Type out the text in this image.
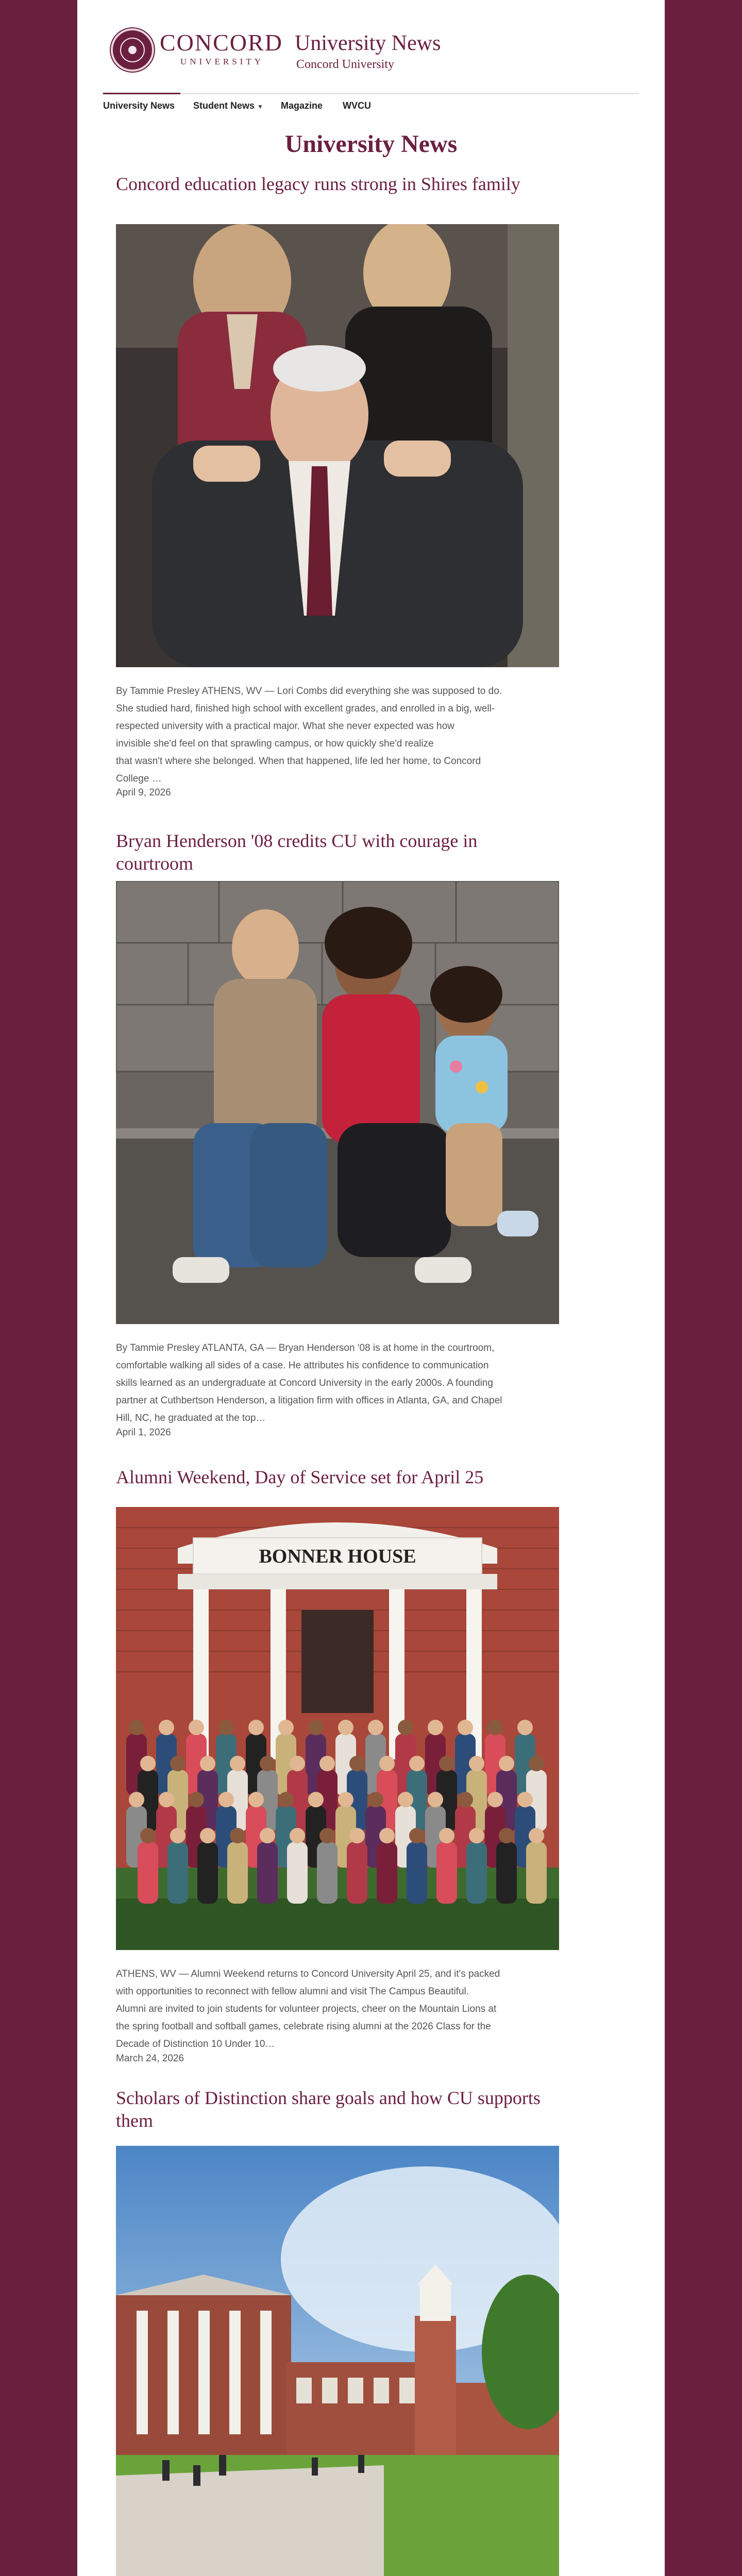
CONCORD
UNIVERSITY
University News
Concord University
University News Student News ▼ Magazine WVCU
University News
Concord education legacy runs strong in Shires family
By Tammie Presley ATHENS, WV — Lori Combs did everything she was supposed to do.
She studied hard, finished high school with excellent grades, and enrolled in a big, well-
respected university with a practical major. What she never expected was how
invisible she'd feel on that sprawling campus, or how quickly she'd realize
that wasn't where she belonged. When that happened, life led her home, to Concord
College …
April 9, 2026
Bryan Henderson '08 credits CU with courage in courtroom
By Tammie Presley ATLANTA, GA — Bryan Henderson '08 is at home in the courtroom,
comfortable walking all sides of a case. He attributes his confidence to communication
skills learned as an undergraduate at Concord University in the early 2000s. A founding
partner at Cuthbertson Henderson, a litigation firm with offices in Atlanta, GA, and Chapel
Hill, NC, he graduated at the top…
April 1, 2026
Alumni Weekend, Day of Service set for April 25
BONNER HOUSE
ATHENS, WV — Alumni Weekend returns to Concord University April 25, and it's packed
with opportunities to reconnect with fellow alumni and visit The Campus Beautiful.
Alumni are invited to join students for volunteer projects, cheer on the Mountain Lions at
the spring football and softball games, celebrate rising alumni at the 2026 Class for the
Decade of Distinction 10 Under 10…
March 24, 2026
Scholars of Distinction share goals and how CU supports them
